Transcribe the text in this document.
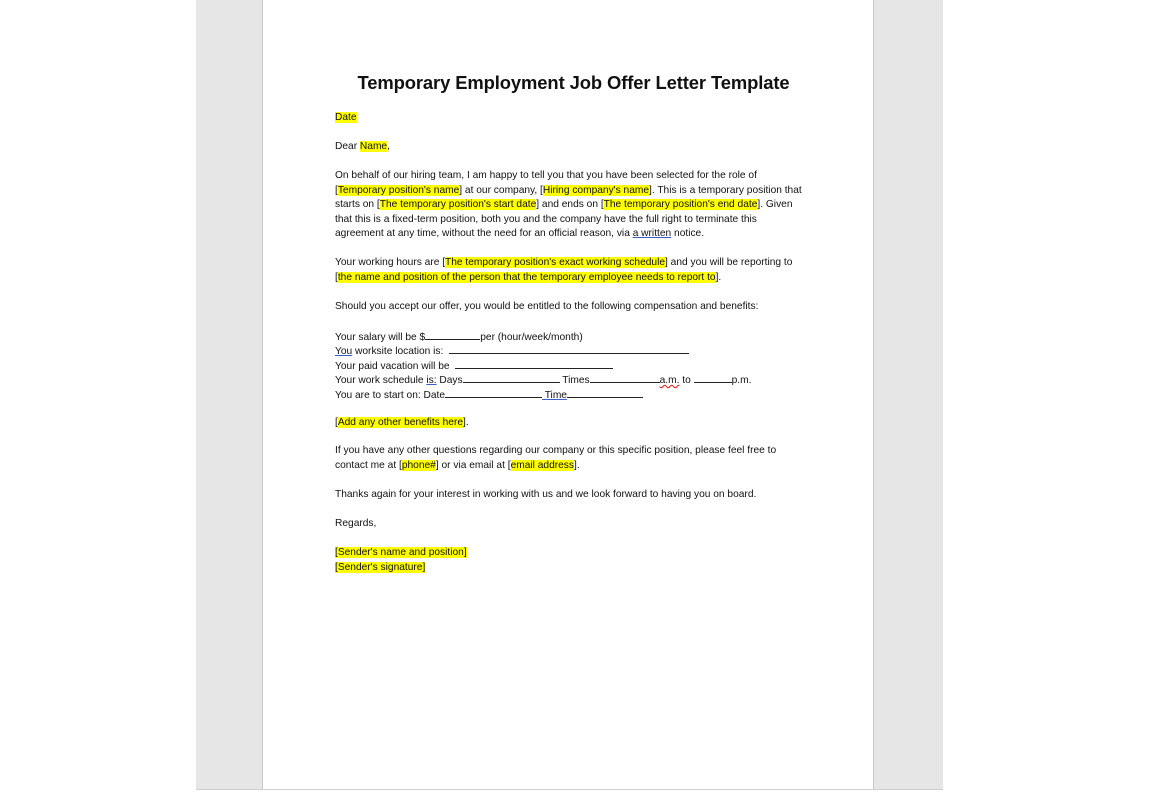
Temporary Employment Job Offer Letter Template
Date
Dear Name,
On behalf of our hiring team, I am happy to tell you that you have been selected for the role of
[Temporary position's name] at our company, [Hiring company's name]. This is a temporary position that
starts on [The temporary position's start date] and ends on [The temporary position's end date]. Given
that this is a fixed-term position, both you and the company have the full right to terminate this
agreement at any time, without the need for an official reason, via a written notice.
Your working hours are [The temporary position's exact working schedule] and you will be reporting to
[the name and position of the person that the temporary employee needs to report to].
Should you accept our offer, you would be entitled to the following compensation and benefits:
Your salary will be $	per (hour/week/month)
You worksite location is:
Your paid vacation will be
Your work schedule is: Days	Times	a.m. to	p.m.
You are to start on: Date	Time
[Add any other benefits here].
If you have any other questions regarding our company or this specific position, please feel free to
contact me at [phone#] or via email at [email address].
Thanks again for your interest in working with us and we look forward to having you on board.
Regards,
[Sender's name and position]
[Sender's signature]
